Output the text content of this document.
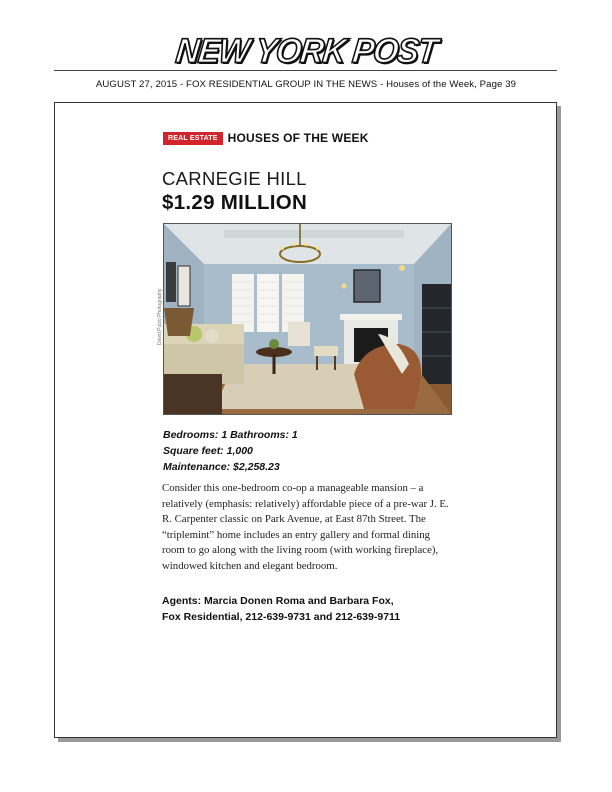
NEW YORK POST
AUGUST 27, 2015 - FOX RESIDENTIAL GROUP IN THE NEWS - Houses of the Week, Page 39
REAL ESTATE HOUSES OF THE WEEK
CARNEGIE HILL
$1.29 MILLION
David Pulzo Photography
Bedrooms: 1 Bathrooms: 1
Square feet: 1,000
Maintenance: $2,258.23
Consider this one-bedroom co-op a manageable mansion – a relatively (emphasis: relatively) affordable piece of a pre-war J. E. R. Carpenter classic on Park Avenue, at East 87th Street. The “triplemint” home includes an entry gallery and formal dining room to go along with the living room (with working fireplace), windowed kitchen and elegant bedroom.
Agents: Marcia Donen Roma and Barbara Fox,
Fox Residential, 212-639-9731 and 212-639-9711
